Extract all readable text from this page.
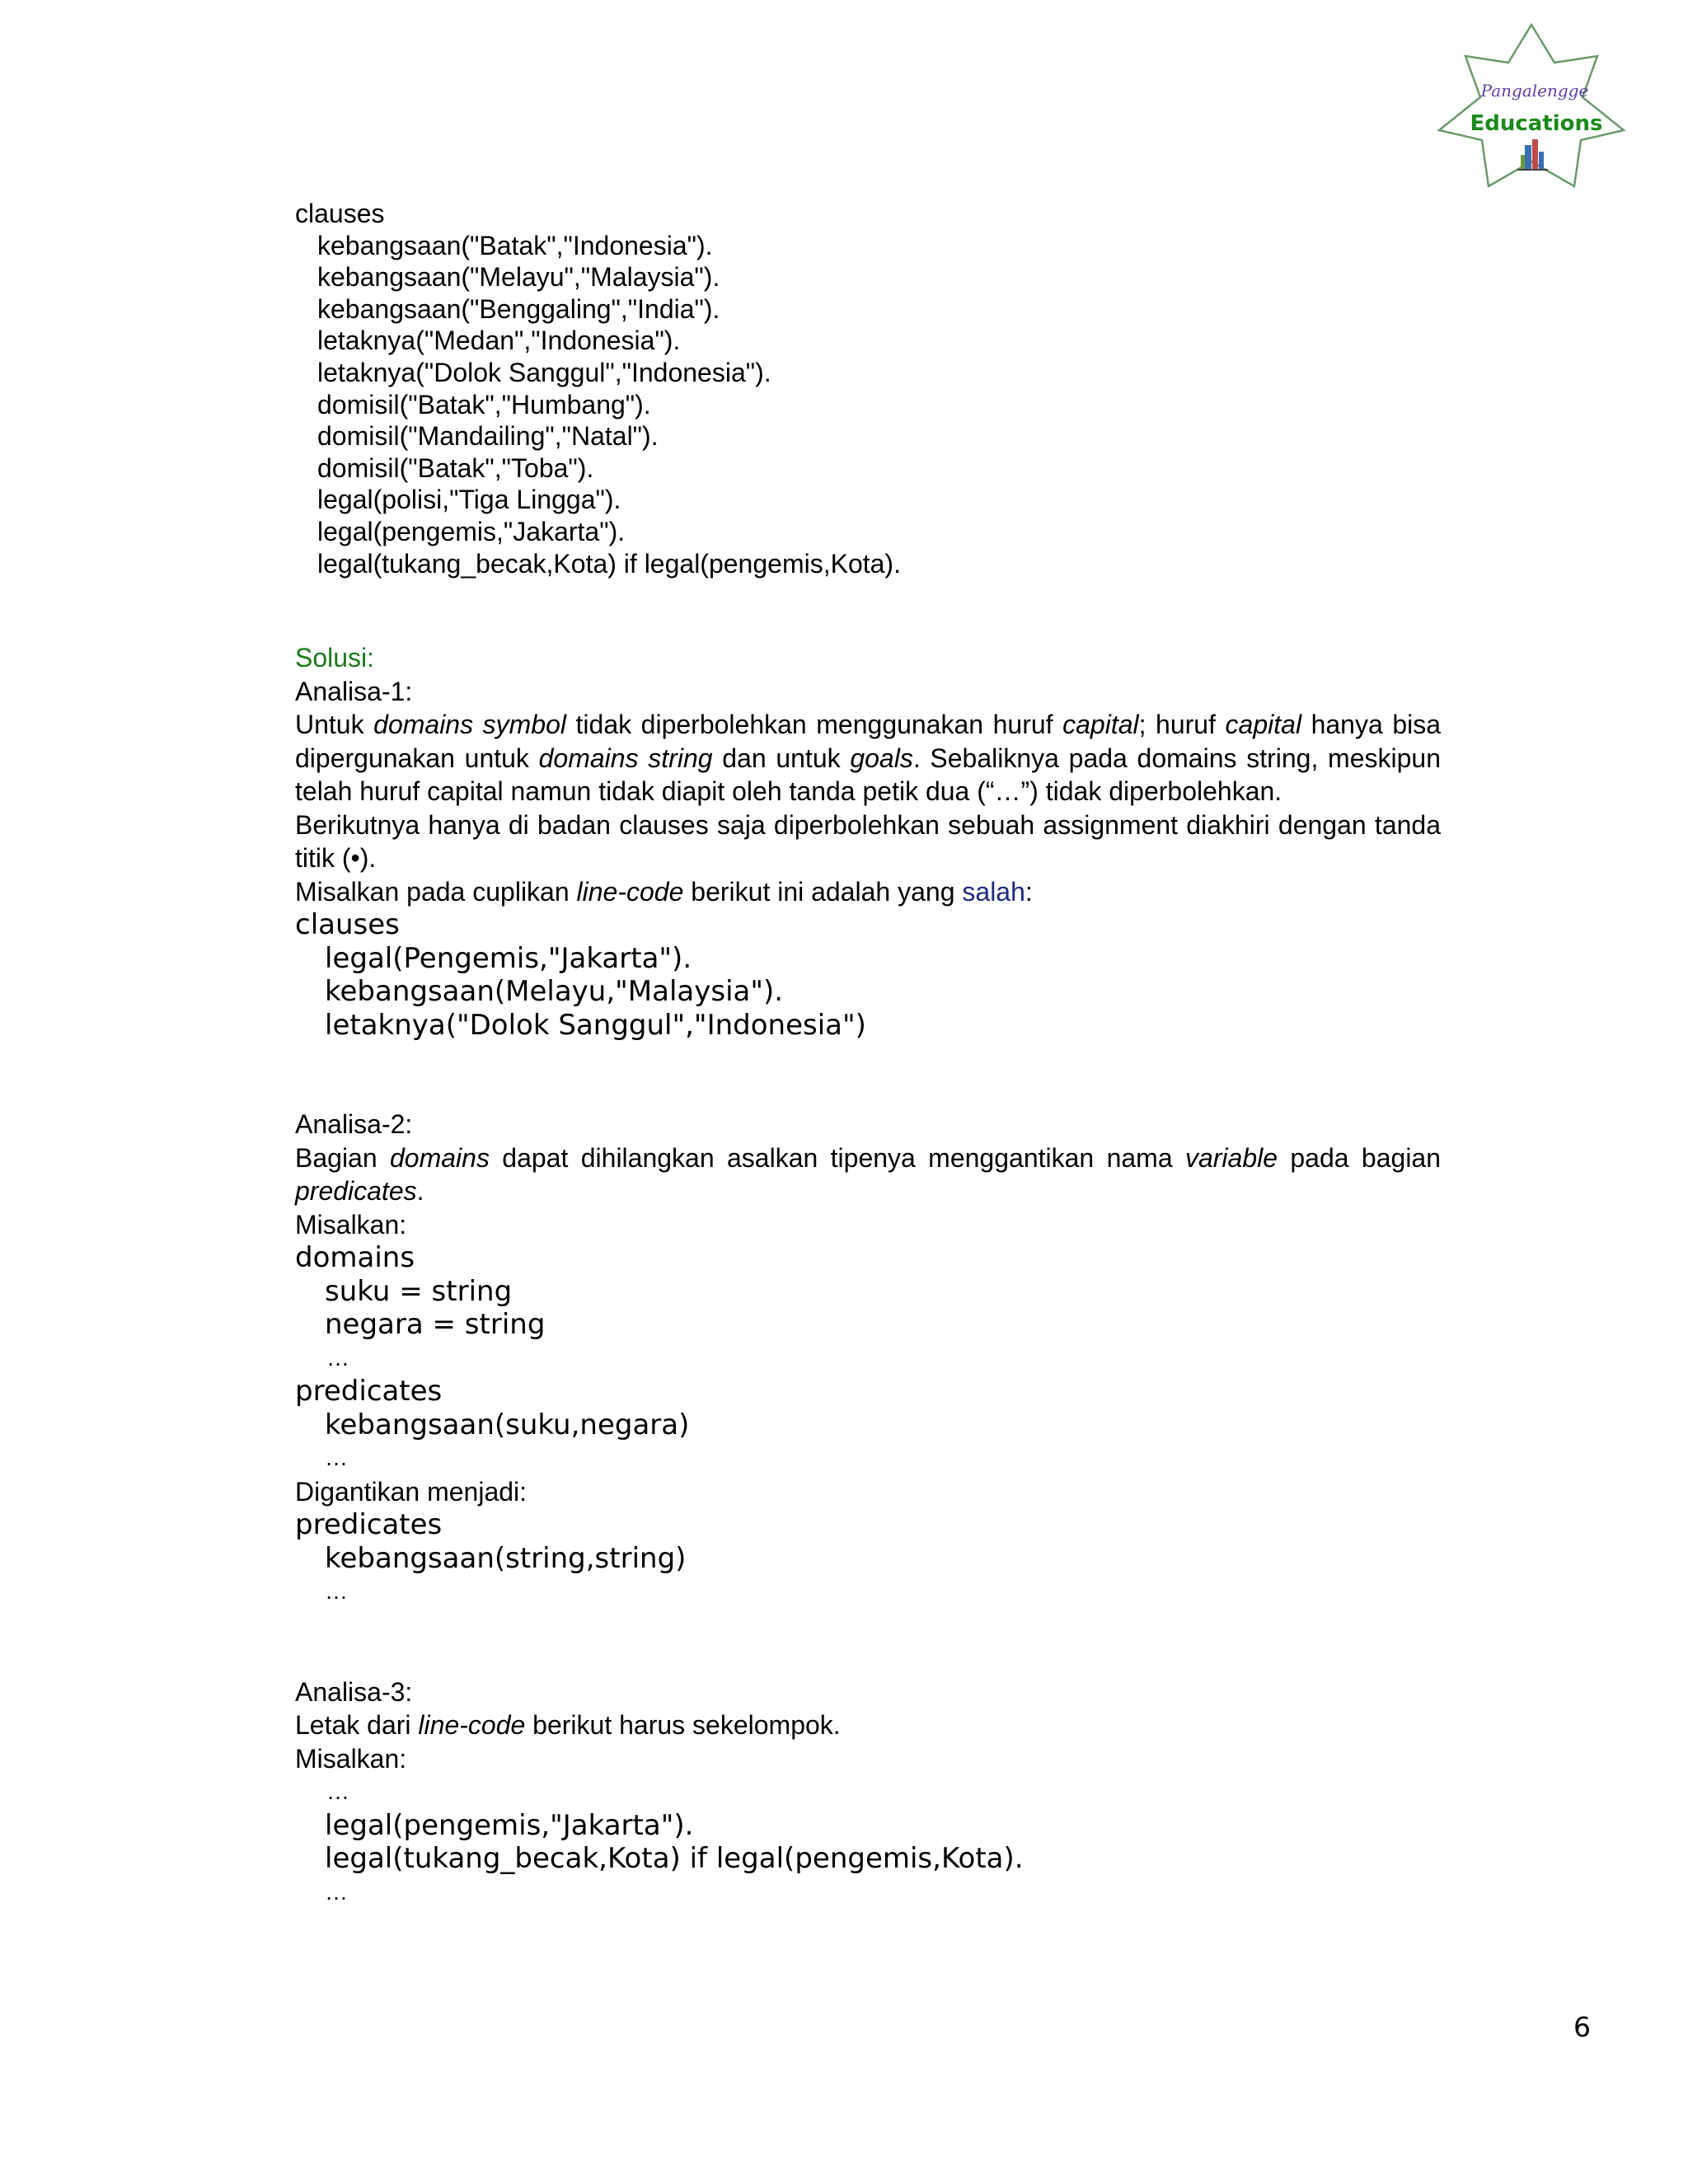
Pangalengge
Educations
clauses
kebangsaan("Batak","Indonesia").
kebangsaan("Melayu","Malaysia").
kebangsaan("Benggaling","India").
letaknya("Medan","Indonesia").
letaknya("Dolok Sanggul","Indonesia").
domisil("Batak","Humbang").
domisil("Mandailing","Natal").
domisil("Batak","Toba").
legal(polisi,"Tiga Lingga").
legal(pengemis,"Jakarta").
legal(tukang_becak,Kota) if legal(pengemis,Kota).
Solusi:
Analisa-1:
Untuk domains symbol tidak diperbolehkan menggunakan huruf capital; huruf capital hanya bisa dipergunakan untuk domains string dan untuk goals. Sebaliknya pada domains string, meskipun telah huruf capital namun tidak diapit oleh tanda petik dua (“…”) tidak diperbolehkan.
Berikutnya hanya di badan clauses saja diperbolehkan sebuah assignment diakhiri dengan tanda titik (•).
Misalkan pada cuplikan line-code berikut ini adalah yang salah:
clauses
legal(Pengemis,"Jakarta").
kebangsaan(Melayu,"Malaysia").
letaknya("Dolok Sanggul","Indonesia")
Analisa-2:
Bagian domains dapat dihilangkan asalkan tipenya menggantikan nama variable pada bagian predicates.
Misalkan:
domains
suku = string
negara = string
…
predicates
kebangsaan(suku,negara)
…
Digantikan menjadi:
predicates
kebangsaan(string,string)
…
Analisa-3:
Letak dari line-code berikut harus sekelompok.
Misalkan:
…
legal(pengemis,"Jakarta").
legal(tukang_becak,Kota) if legal(pengemis,Kota).
…
6
